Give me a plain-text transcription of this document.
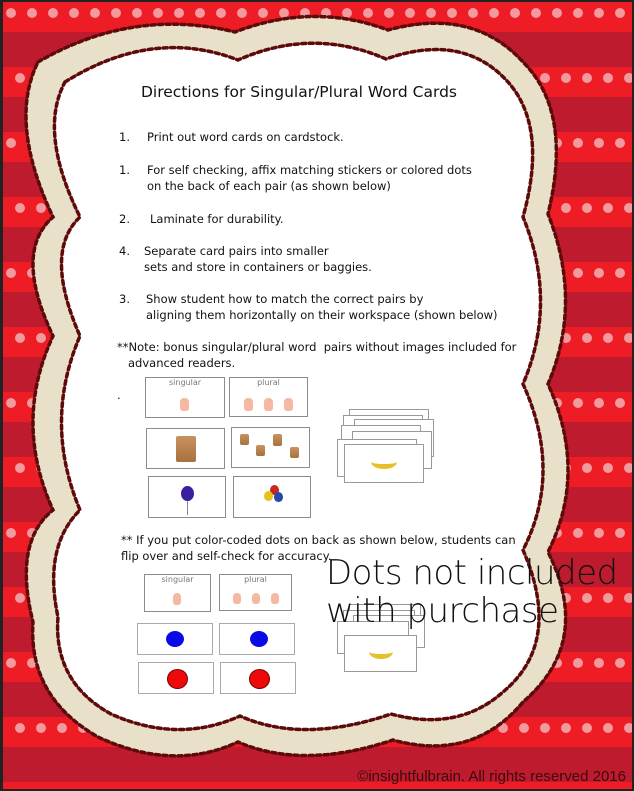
Directions for Singular/Plural Word Cards
1. Print out word cards on cardstock.
1. For self checking, affix matching stickers or colored dots
on the back of each pair (as shown below)
2. Laminate for durability.
4. Separate card pairs into smaller
sets and store in containers or baggies.
3. Show student how to match the correct pairs by
aligning them horizontally on their workspace (shown below)
**Note: bonus singular/plural word  pairs without images included for
advanced readers.
.
singular	plural
** If you put color-coded dots on back as shown below, students can
flip over and self-check for accuracy.
singular	plural	Dots not included
with purchase
©insightfulbrain. All rights reserved 2016
